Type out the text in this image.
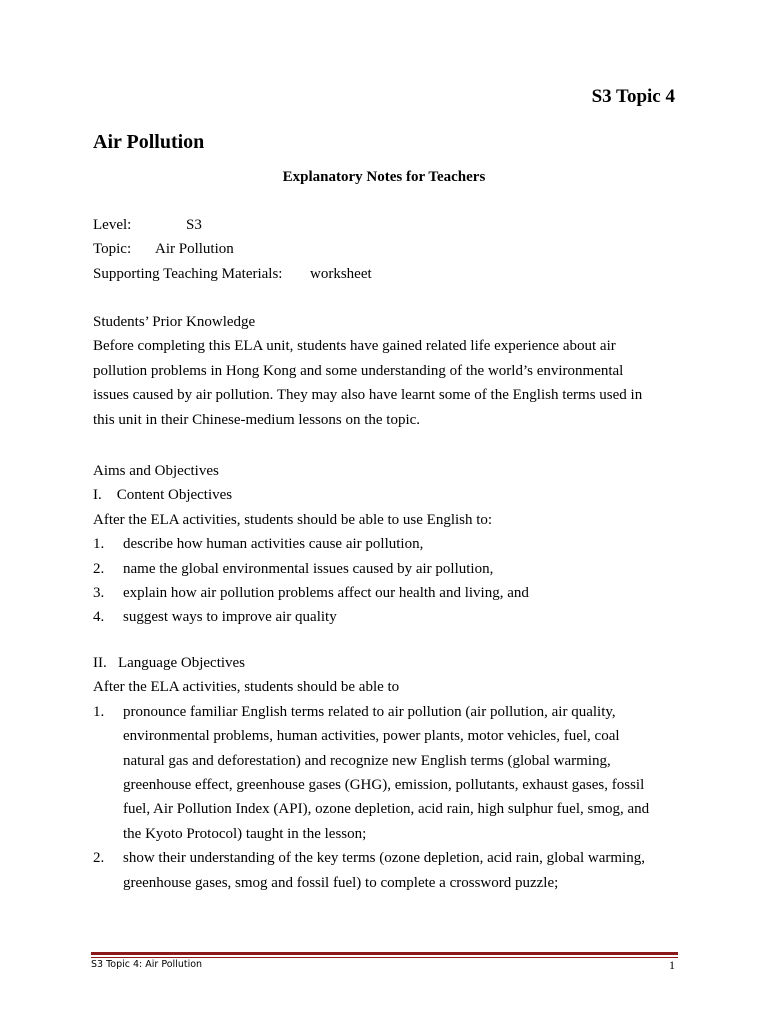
S3 Topic 4
Air Pollution
Explanatory Notes for Teachers
Level:	S3
Topic: Air Pollution
Supporting Teaching Materials: worksheet
Students’ Prior Knowledge
Before completing this ELA unit, students have gained related life experience about air
pollution problems in Hong Kong and some understanding of the world’s environmental
issues caused by air pollution. They may also have learnt some of the English terms used in
this unit in their Chinese-medium lessons on the topic.
Aims and Objectives
I.    Content Objectives
After the ELA activities, students should be able to use English to:
1. describe how human activities cause air pollution,
2. name the global environmental issues caused by air pollution,
3. explain how air pollution problems affect our health and living, and
4. suggest ways to improve air quality
II.   Language Objectives
After the ELA activities, students should be able to
1. pronounce familiar English terms related to air pollution (air pollution, air quality,
environmental problems, human activities, power plants, motor vehicles, fuel, coal
natural gas and deforestation) and recognize new English terms (global warming,
greenhouse effect, greenhouse gases (GHG), emission, pollutants, exhaust gases, fossil
fuel, Air Pollution Index (API), ozone depletion, acid rain, high sulphur fuel, smog, and
the Kyoto Protocol) taught in the lesson;
2. show their understanding of the key terms (ozone depletion, acid rain, global warming,
greenhouse gases, smog and fossil fuel) to complete a crossword puzzle;
S3 Topic 4: Air Pollution	1
